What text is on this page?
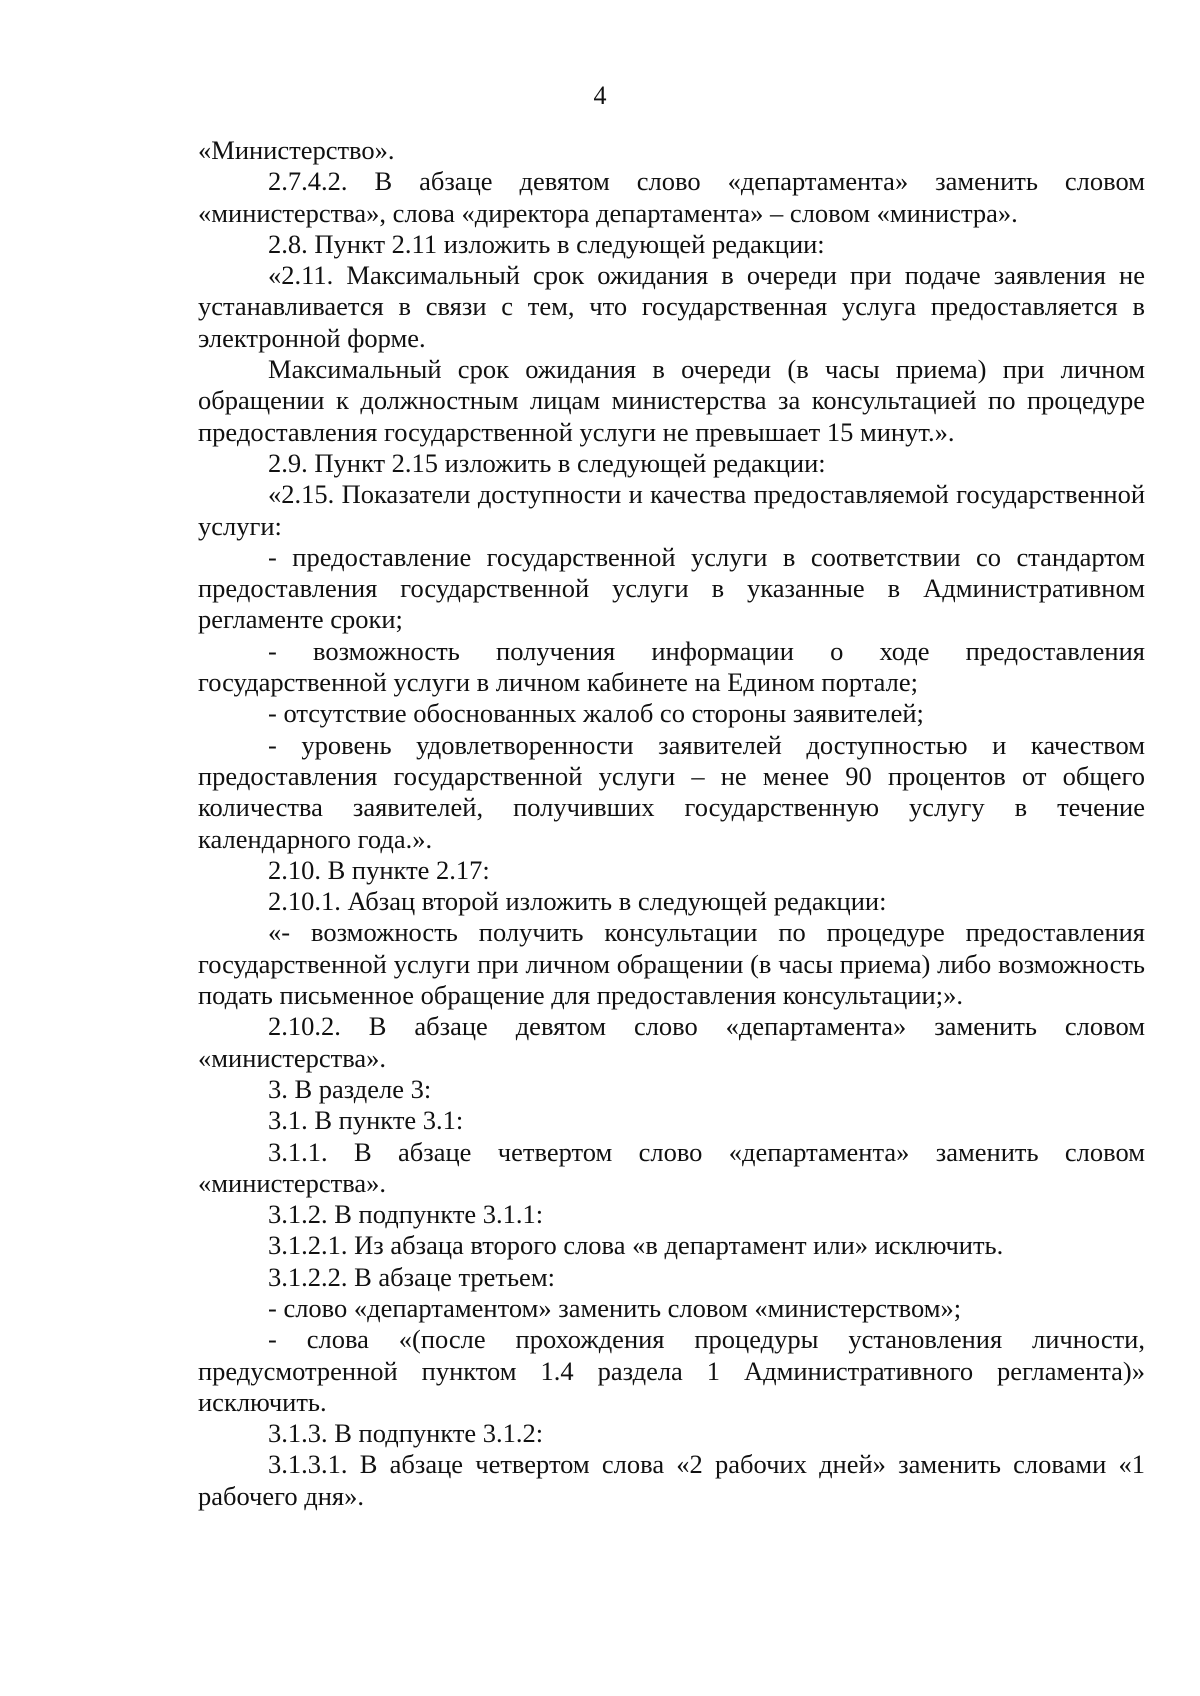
4

«Министерство».

2.7.4.2. В абзаце девятом слово «департамента» заменить словом «министерства», слова «директора департамента» – словом «министра».

2.8. Пункт 2.11 изложить в следующей редакции:

«2.11. Максимальный срок ожидания в очереди при подаче заявления не устанавливается в связи с тем, что государственная услуга предоставляется в электронной форме.

Максимальный срок ожидания в очереди (в часы приема) при личном обращении к должностным лицам министерства за консультацией по процедуре предоставления государственной услуги не превышает 15 минут.».

2.9. Пункт 2.15 изложить в следующей редакции:

«2.15. Показатели доступности и качества предоставляемой государственной услуги:

- предоставление государственной услуги в соответствии со стандартом предоставления государственной услуги в указанные в Административном регламенте сроки;

- возможность получения информации о ходе предоставления государственной услуги в личном кабинете на Едином портале;

- отсутствие обоснованных жалоб со стороны заявителей;

- уровень удовлетворенности заявителей доступностью и качеством предоставления государственной услуги – не менее 90 процентов от общего количества заявителей, получивших государственную услугу в течение календарного года.».

2.10. В пункте 2.17:

2.10.1. Абзац второй изложить в следующей редакции:

«- возможность получить консультации по процедуре предоставления государственной услуги при личном обращении (в часы приема) либо возможность подать письменное обращение для предоставления консультации;».

2.10.2. В абзаце девятом слово «департамента» заменить словом «министерства».

3. В разделе 3:

3.1. В пункте 3.1:

3.1.1. В абзаце четвертом слово «департамента» заменить словом «министерства».

3.1.2. В подпункте 3.1.1:

3.1.2.1. Из абзаца второго слова «в департамент или» исключить.

3.1.2.2. В абзаце третьем:

- слово «департаментом» заменить словом «министерством»;

- слова «(после прохождения процедуры установления личности, предусмотренной пунктом 1.4 раздела 1 Административного регламента)» исключить.

3.1.3. В подпункте 3.1.2:

3.1.3.1. В абзаце четвертом слова «2 рабочих дней» заменить словами «1 рабочего дня».
